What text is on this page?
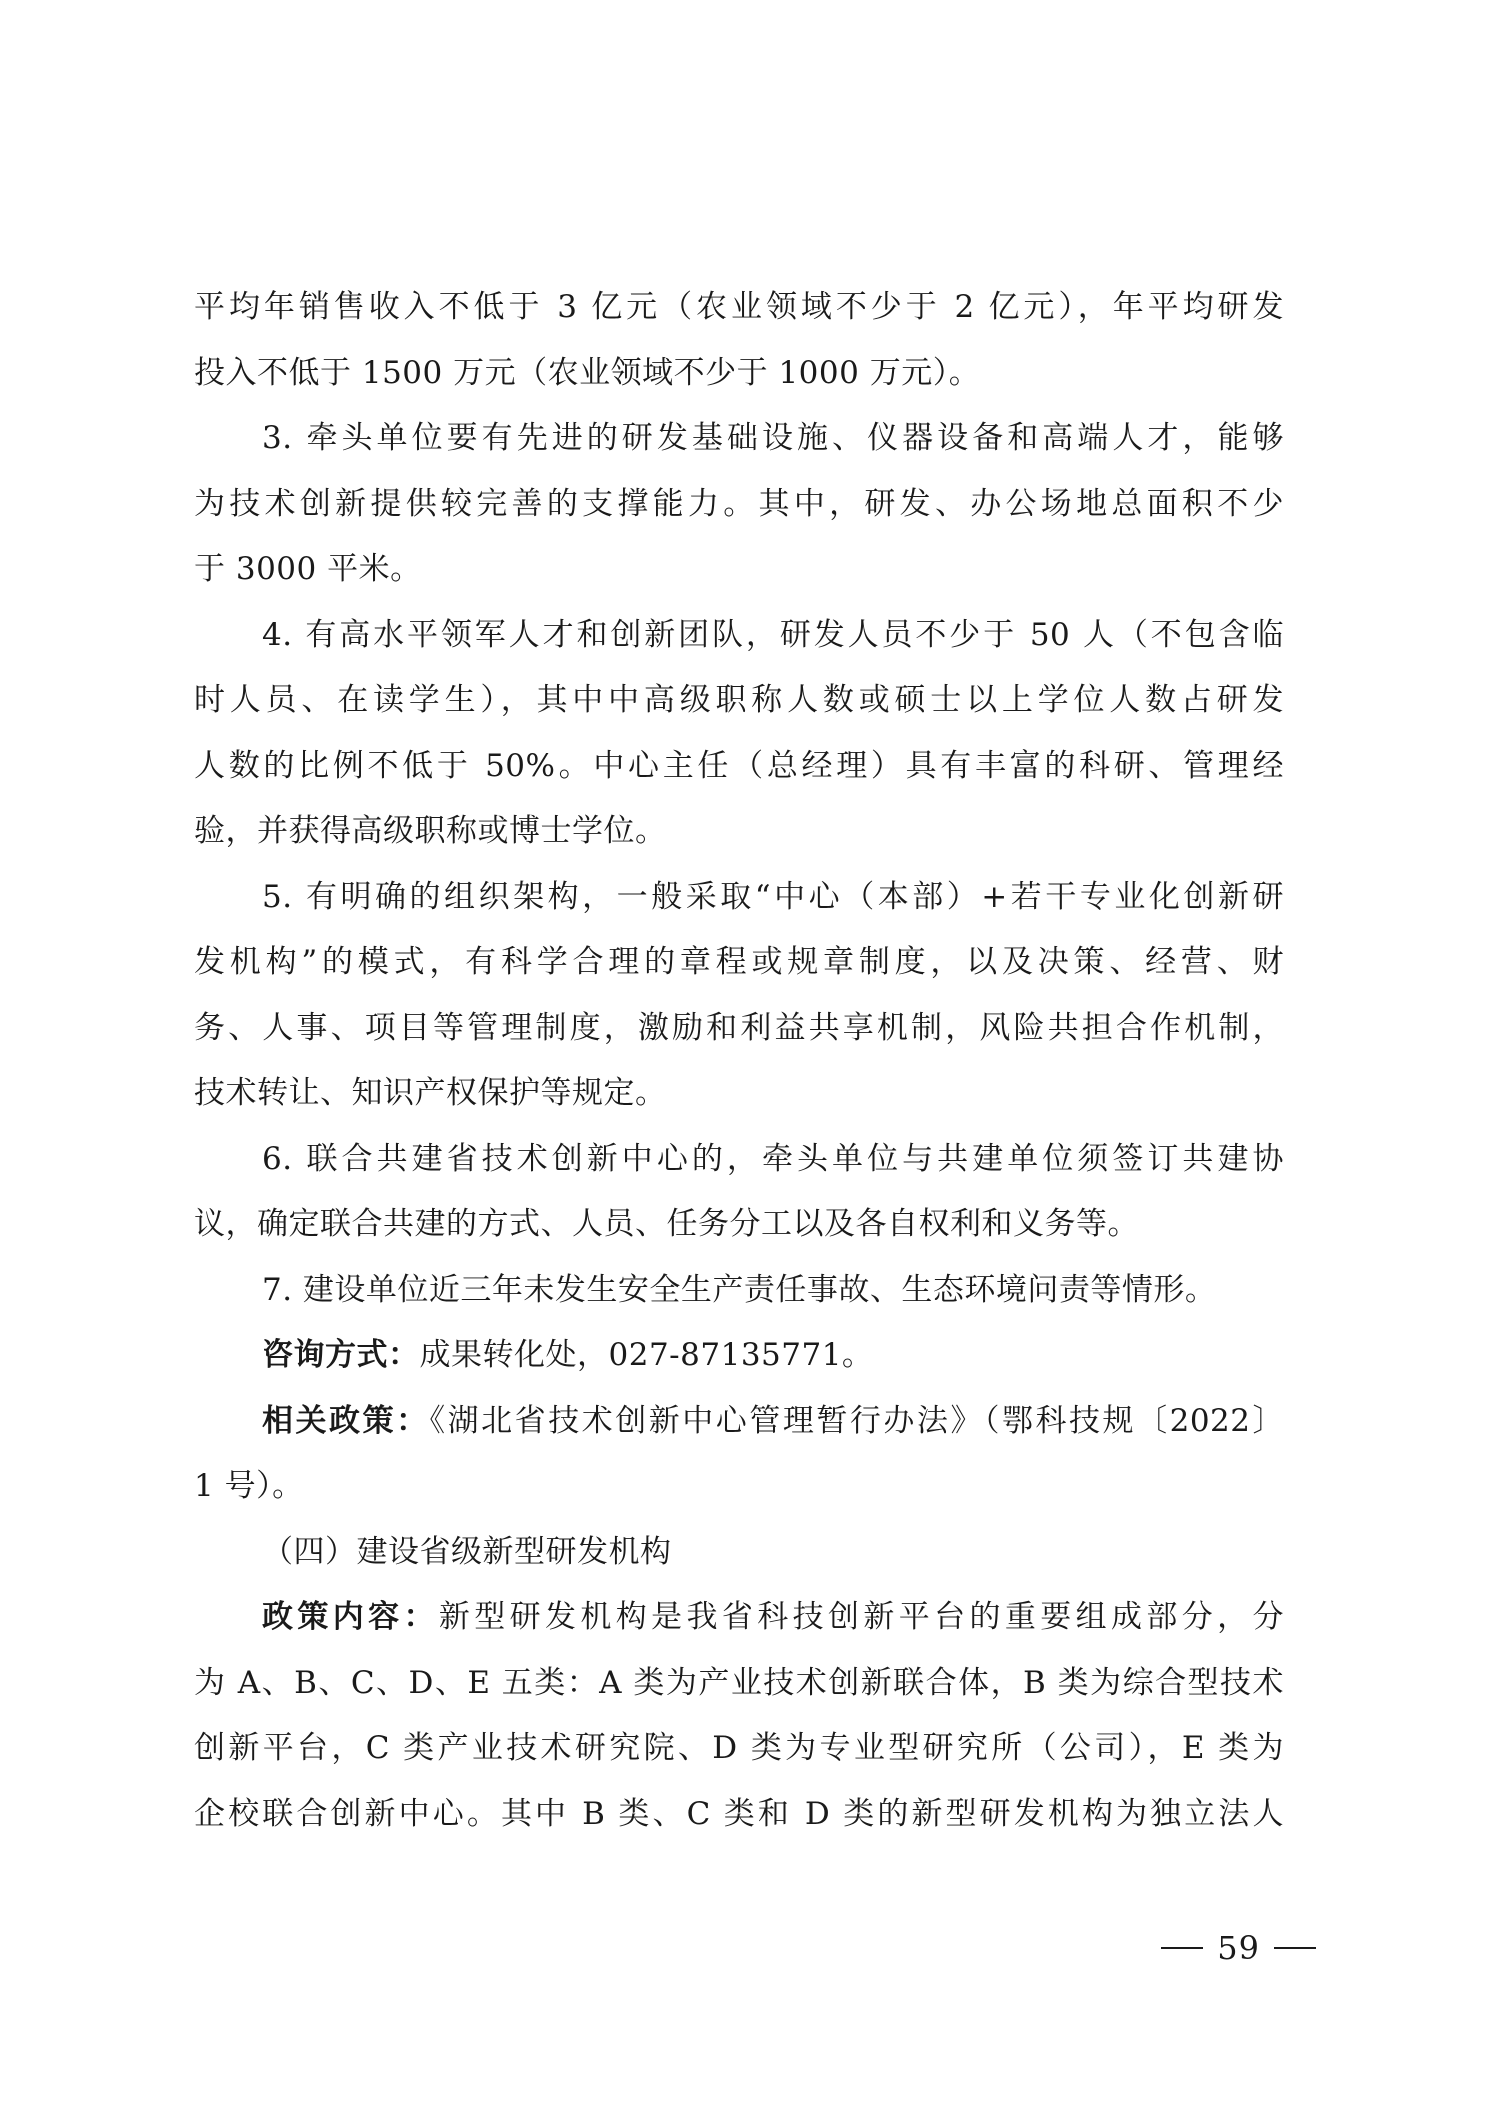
平均年销售收入不低于 3 亿元（农业领域不少于 2 亿元），年平均研发

投入不低于 1500 万元（农业领域不少于 1000 万元）。

3. 牵头单位要有先进的研发基础设施、仪器设备和高端人才，能够

为技术创新提供较完善的支撑能力。其中，研发、办公场地总面积不少

于 3000 平米。

4. 有高水平领军人才和创新团队，研发人员不少于 50 人（不包含临

时人员、在读学生），其中中高级职称人数或硕士以上学位人数占研发

人数的比例不低于 50%。中心主任（总经理）具有丰富的科研、管理经

验，并获得高级职称或博士学位。

5. 有明确的组织架构，一般采取“中心（本部）+若干专业化创新研

发机构”的模式，有科学合理的章程或规章制度，以及决策、经营、财

务、人事、项目等管理制度，激励和利益共享机制，风险共担合作机制，

技术转让、知识产权保护等规定。

6. 联合共建省技术创新中心的，牵头单位与共建单位须签订共建协

议，确定联合共建的方式、人员、任务分工以及各自权利和义务等。

7. 建设单位近三年未发生安全生产责任事故、生态环境问责等情形。

咨询方式：成果转化处，027-87135771。

相关政策：《湖北省技术创新中心管理暂行办法》（鄂科技规〔2022〕

1 号）。

（四）建设省级新型研发机构

政策内容：新型研发机构是我省科技创新平台的重要组成部分，分

为 A、B、C、D、E 五类：A 类为产业技术创新联合体，B 类为综合型技术

创新平台，C 类产业技术研究院、D 类为专业型研究所（公司），E 类为

企校联合创新中心。其中 B 类、C 类和 D 类的新型研发机构为独立法人

59
